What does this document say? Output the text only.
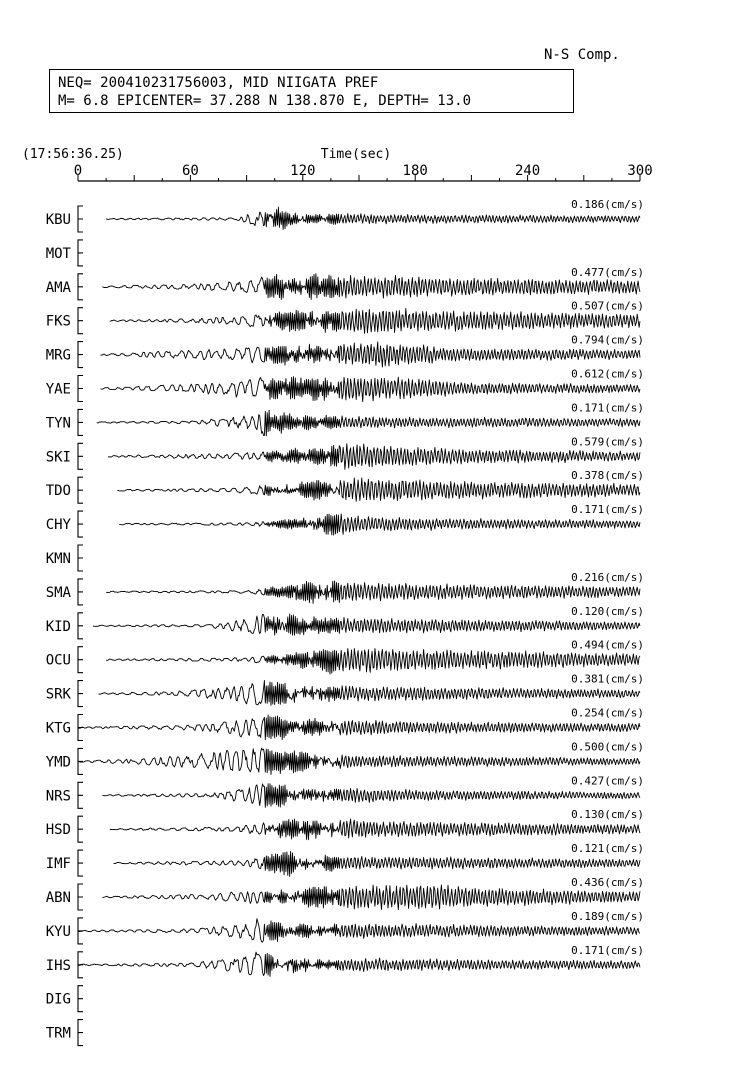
N-S Comp.
NEQ= 200410231756003, MID NIIGATA PREF
M= 6.8 EPICENTER= 37.288 N 138.870 E, DEPTH= 13.0
(17:56:36.25)	Time(sec)
0	60	120	180	240	300
KBU
0.186(cm/s)
MOT
AMA
0.477(cm/s)
FKS
0.507(cm/s)
MRG
0.794(cm/s)
YAE
0.612(cm/s)
TYN
0.171(cm/s)
SKI
0.579(cm/s)
TDO
0.378(cm/s)
CHY
0.171(cm/s)
KMN
SMA
0.216(cm/s)
KID
0.120(cm/s)
OCU
0.494(cm/s)
SRK
0.381(cm/s)
KTG
0.254(cm/s)
YMD
0.500(cm/s)
NRS
0.427(cm/s)
HSD
0.130(cm/s)
IMF
0.121(cm/s)
ABN
0.436(cm/s)
KYU
0.189(cm/s)
IHS
0.171(cm/s)
DIG
TRM
